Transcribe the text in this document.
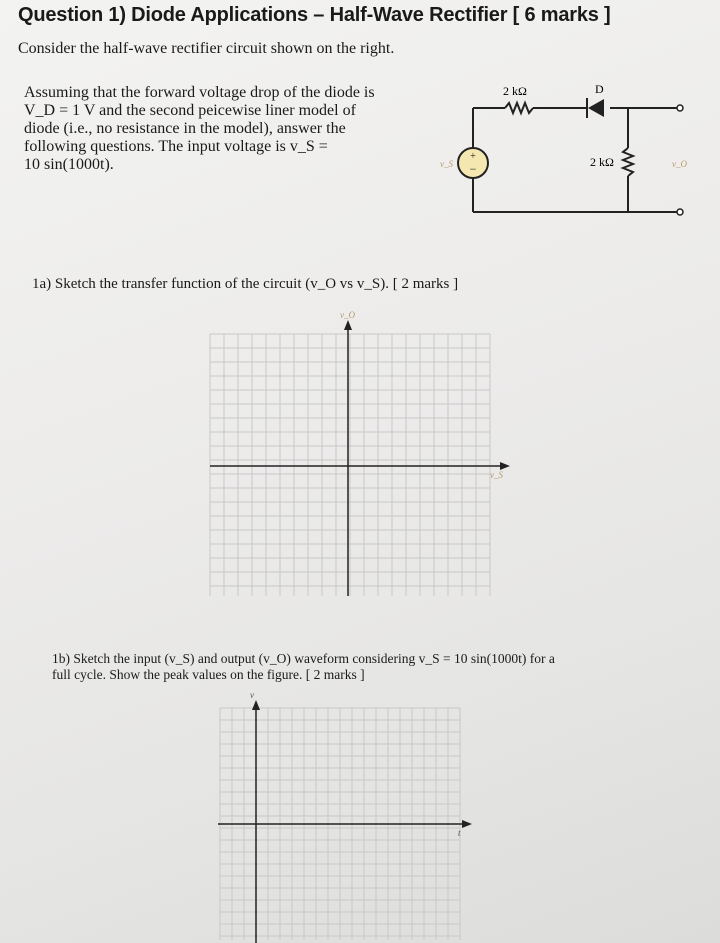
Question 1) Diode Applications – Half-Wave Rectifier [ 6 marks ]
Consider the half-wave rectifier circuit shown on the right.
Assuming that the forward voltage drop of the diode is
V_D = 1 V and the second peicewise liner model of
diode (i.e., no resistance in the model), answer the
following questions. The input voltage is v_S =
10 sin(1000t).	+
−
2 kΩ	D
2 kΩ
v_S	v_O
1a) Sketch the transfer function of the circuit (v_O vs v_S). [ 2 marks ]
v_O
v_S
1b) Sketch the input (v_S) and output (v_O) waveform considering v_S = 10 sin(1000t) for a
full cycle. Show the peak values on the figure. [ 2 marks ]
v
t
